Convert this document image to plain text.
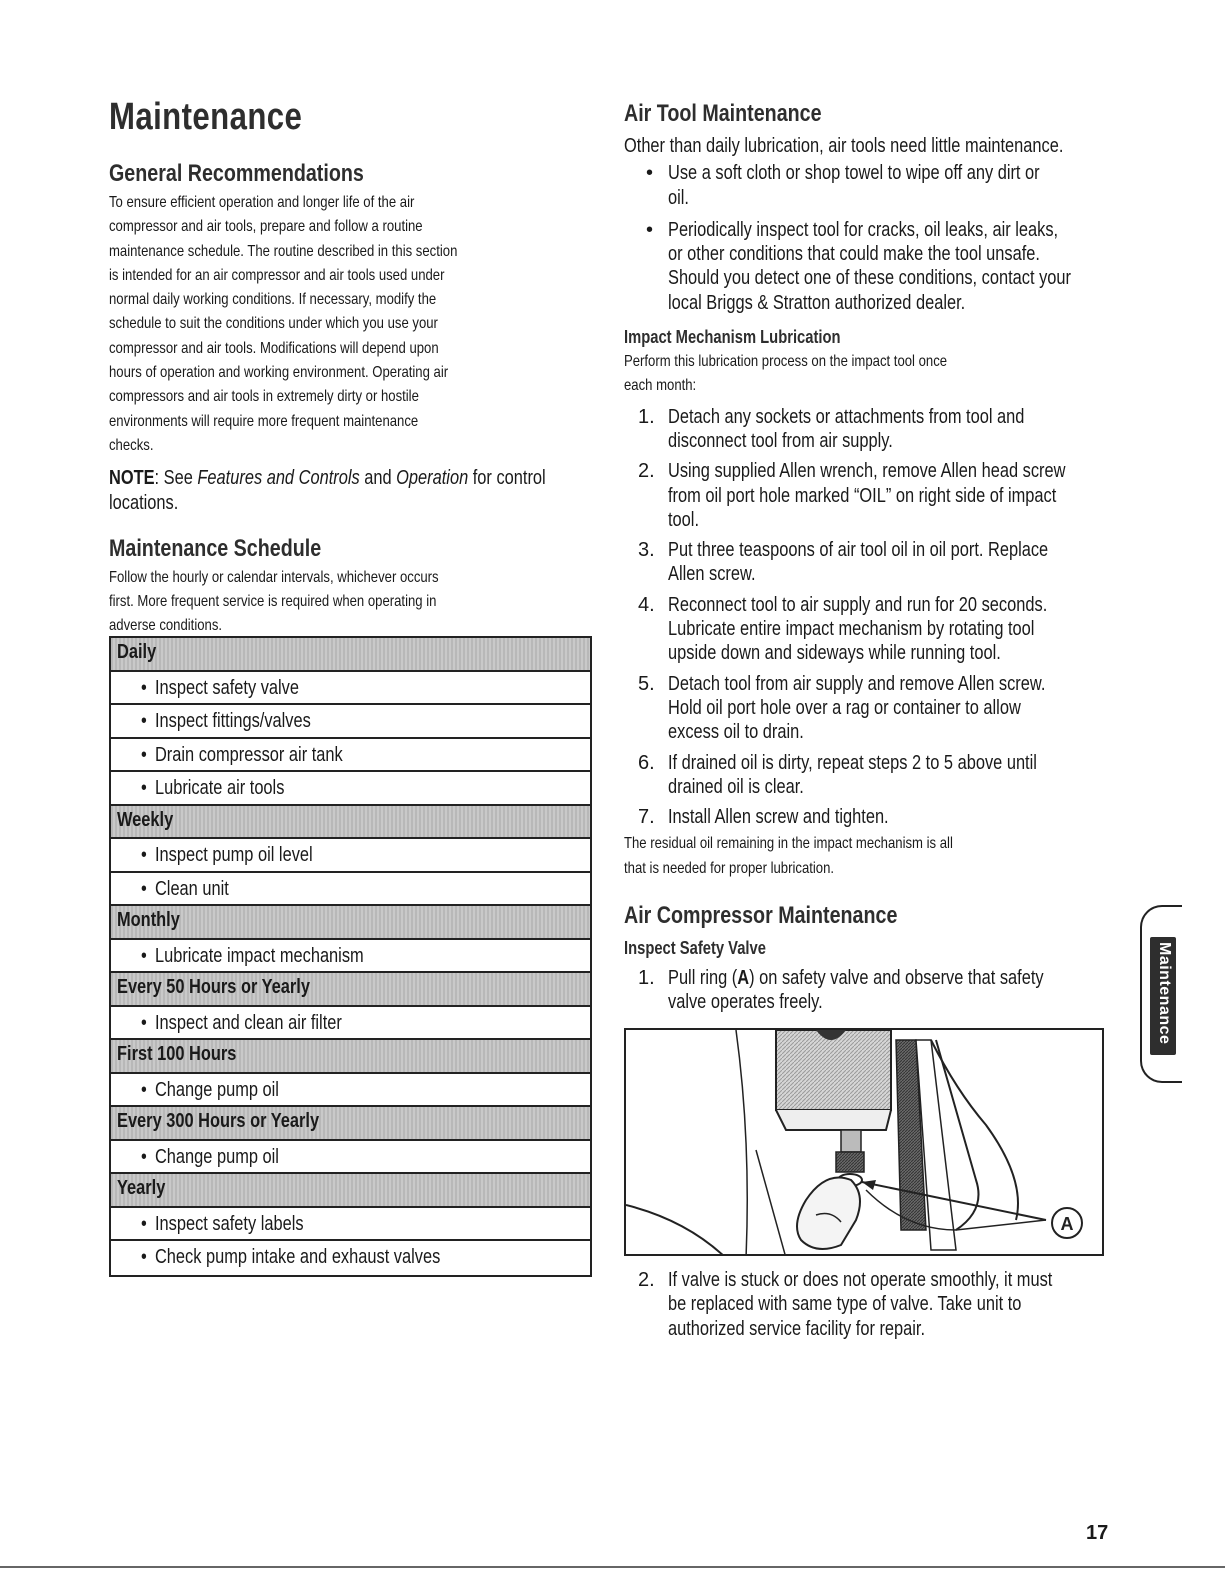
Maintenance
General Recommendations
To ensure efficient operation and longer life of the air
compressor and air tools, prepare and follow a routine
maintenance schedule. The routine described in this section
is intended for an air compressor and air tools used under
normal daily working conditions. If necessary, modify the
schedule to suit the conditions under which you use your
compressor and air tools. Modifications will depend upon
hours of operation and working environment. Operating air
compressors and air tools in extremely dirty or hostile
environments will require more frequent maintenance
checks.

NOTE: See Features and Controls and Operation for control
locations.

Maintenance Schedule
Follow the hourly or calendar intervals, whichever occurs
first. More frequent service is required when operating in
adverse conditions.
Daily
• Inspect safety valve
• Inspect fittings/valves
• Drain compressor air tank
• Lubricate air tools
Weekly
• Inspect pump oil level
• Clean unit
Monthly
• Lubricate impact mechanism
Every 50 Hours or Yearly
• Inspect and clean air filter
First 100 Hours
• Change pump oil
Every 300 Hours or Yearly
• Change pump oil
Yearly
• Inspect safety labels
• Check pump intake and exhaust valves
Air Tool Maintenance

Other than daily lubrication, air tools need little maintenance.

• Use a soft cloth or shop towel to wipe off any dirt or
oil.
• Periodically inspect tool for cracks, oil leaks, air leaks,
or other conditions that could make the tool unsafe.
Should you detect one of these conditions, contact your
local Briggs & Stratton authorized dealer.
Impact Mechanism Lubrication
Perform this lubrication process on the impact tool once
each month:
1. Detach any sockets or attachments from tool and
disconnect tool from air supply.
2. Using supplied Allen wrench, remove Allen head screw
from oil port hole marked “OIL” on right side of impact
tool.
3. Put three teaspoons of air tool oil in oil port. Replace
Allen screw.
4. Reconnect tool to air supply and run for 20 seconds.
Lubricate entire impact mechanism by rotating tool
upside down and sideways while running tool.
5. Detach tool from air supply and remove Allen screw.
Hold oil port hole over a rag or container to allow
excess oil to drain.
6. If drained oil is dirty, repeat steps 2 to 5 above until
drained oil is clear.
7. Install Allen screw and tighten.
The residual oil remaining in the impact mechanism is all
that is needed for proper lubrication.
Air Compressor Maintenance
Inspect Safety Valve
1. Pull ring (A) on safety valve and observe that safety
valve operates freely.
A
2. If valve is stuck or does not operate smoothly, it must
be replaced with same type of valve. Take unit to
authorized service facility for repair.
Maintenance
17
